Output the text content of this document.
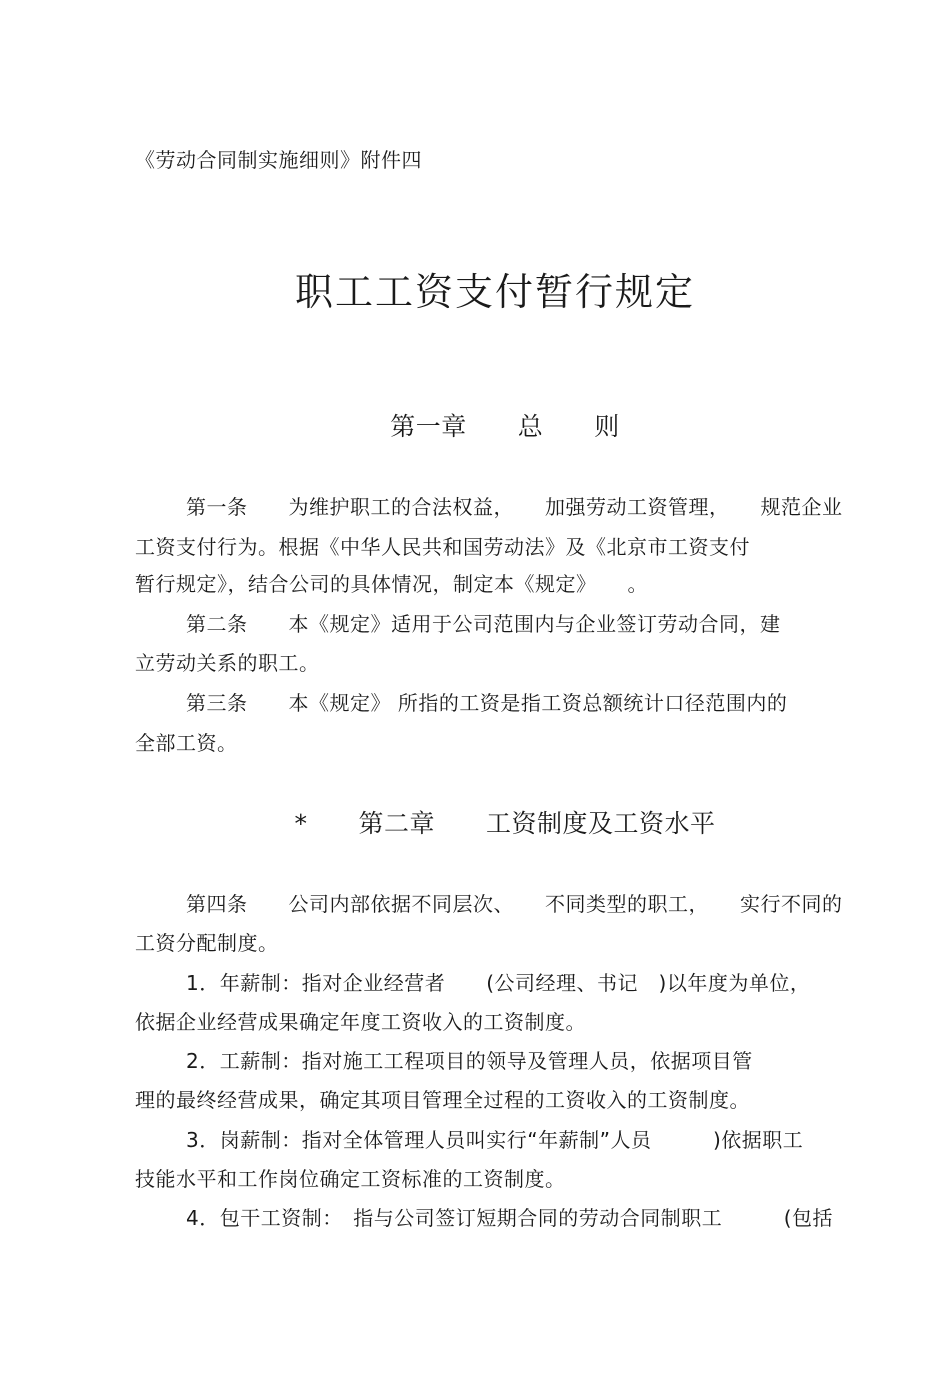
《劳动合同制实施细则》附件四
职工工资支付暂行规定
第一章　　总　　则
第一条　　为维护职工的合法权益，　　加强劳动工资管理，　　规范企业
工资支付行为。根据《中华人民共和国劳动法》及《北京市工资支付
暂行规定》，结合公司的具体情况，制定本《规定》　　。
第二条　　本《规定》适用于公司范围内与企业签订劳动合同，建
立劳动关系的职工。
第三条　　本《规定》 所指的工资是指工资总额统计口径范围内的
全部工资。
*　　第二章　　工资制度及工资水平
第四条　　公司内部依据不同层次、　　不同类型的职工，　　实行不同的
工资分配制度。
1．年薪制：指对企业经营者　　(公司经理、书记　)以年度为单位，
依据企业经营成果确定年度工资收入的工资制度。
2．工薪制：指对施工工程项目的领导及管理人员，依据项目管
理的最终经营成果，确定其项目管理全过程的工资收入的工资制度。
3．岗薪制：指对全体管理人员叫实行“年薪制”人员　　　)依据职工
技能水平和工作岗位确定工资标准的工资制度。
4．包干工资制：　指与公司签订短期合同的劳动合同制职工　　　(包括
